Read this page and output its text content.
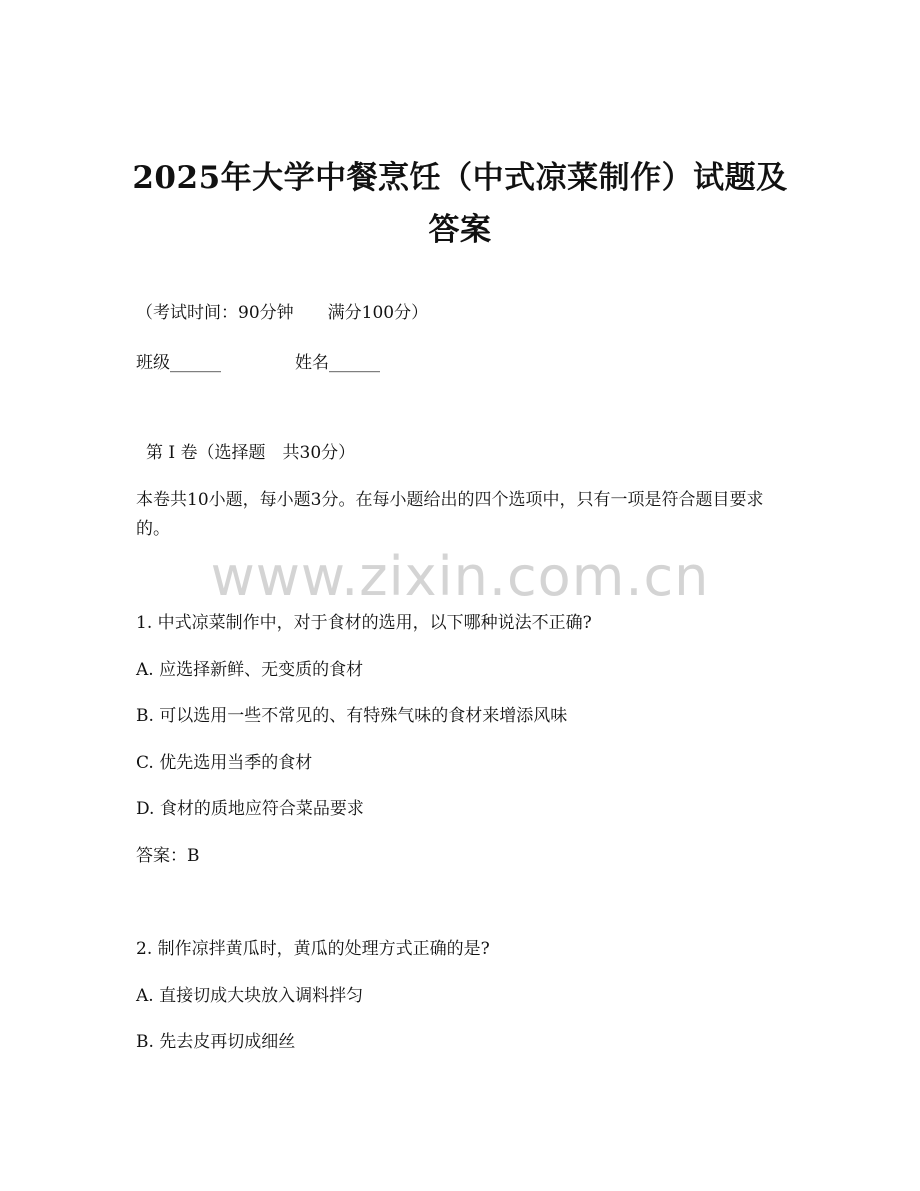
2025年大学中餐烹饪（中式凉菜制作）试题及答案
（考试时间：90分钟　　满分100分）
班级______	姓名______
第 I 卷（选择题　共30分）
本卷共10小题，每小题3分。在每小题给出的四个选项中，只有一项是符合题目要求的。
www.zixin.com.cn
1. 中式凉菜制作中，对于食材的选用，以下哪种说法不正确?
A. 应选择新鲜、无变质的食材
B. 可以选用一些不常见的、有特殊气味的食材来增添风味
C. 优先选用当季的食材
D. 食材的质地应符合菜品要求
答案：B
2. 制作凉拌黄瓜时，黄瓜的处理方式正确的是?
A. 直接切成大块放入调料拌匀
B. 先去皮再切成细丝
